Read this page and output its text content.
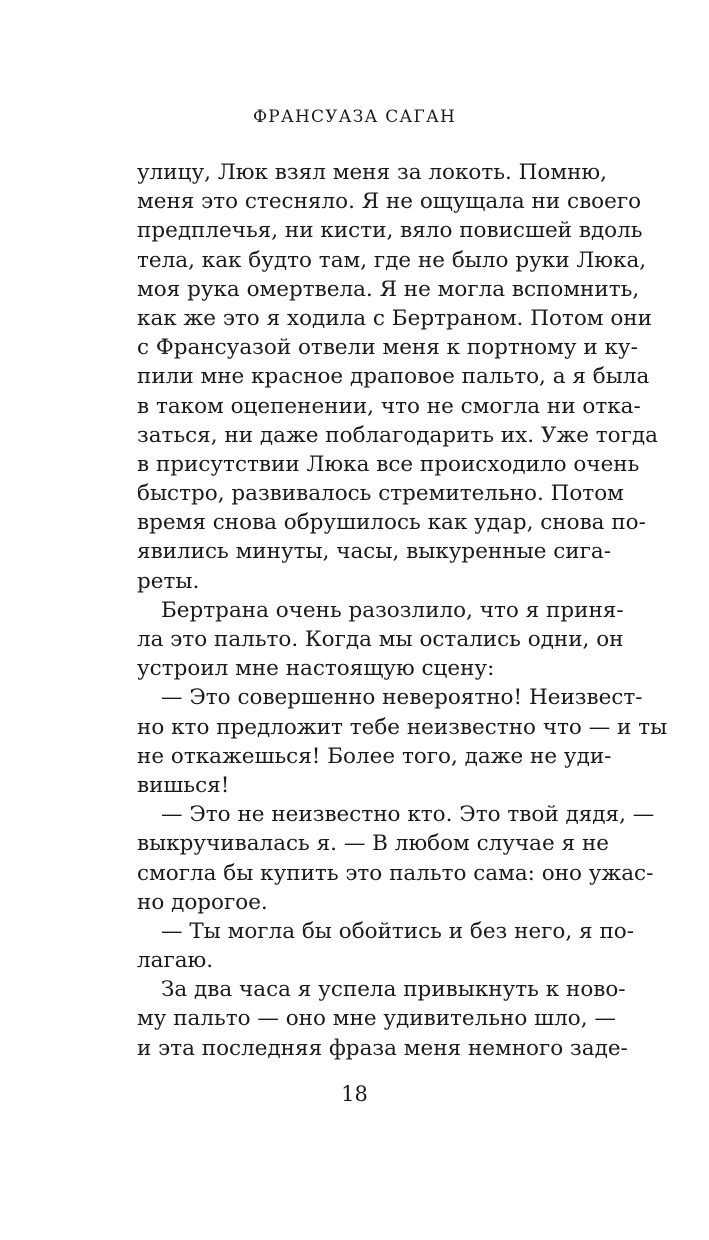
ФРАНСУАЗА САГАН
улицу, Люк взял меня за локоть. Помню,
меня это стесняло. Я не ощущала ни своего
предплечья, ни кисти, вяло повисшей вдоль
тела, как будто там, где не было руки Люка,
моя рука омертвела. Я не могла вспомнить,
как же это я ходила с Бертраном. Потом они
с Франсуазой отвели меня к портному и ку-
пили мне красное драповое пальто, а я была
в таком оцепенении, что не смогла ни отка-
заться, ни даже поблагодарить их. Уже тогда
в присутствии Люка все происходило очень
быстро, развивалось стремительно. Потом
время снова обрушилось как удар, снова по-
явились минуты, часы, выкуренные сига-
реты.
Бертрана очень разозлило, что я приня-
ла это пальто. Когда мы остались одни, он
устроил мне настоящую сцену:
— Это совершенно невероятно! Неизвест-
но кто предложит тебе неизвестно что — и ты
не откажешься! Более того, даже не уди-
вишься!
— Это не неизвестно кто. Это твой дядя, —
выкручивалась я. — В любом случае я не
смогла бы купить это пальто сама: оно ужас-
но дорогое.
— Ты могла бы обойтись и без него, я по-
лагаю.
За два часа я успела привыкнуть к ново-
му пальто — оно мне удивительно шло, —
и эта последняя фраза меня немного заде-
18
